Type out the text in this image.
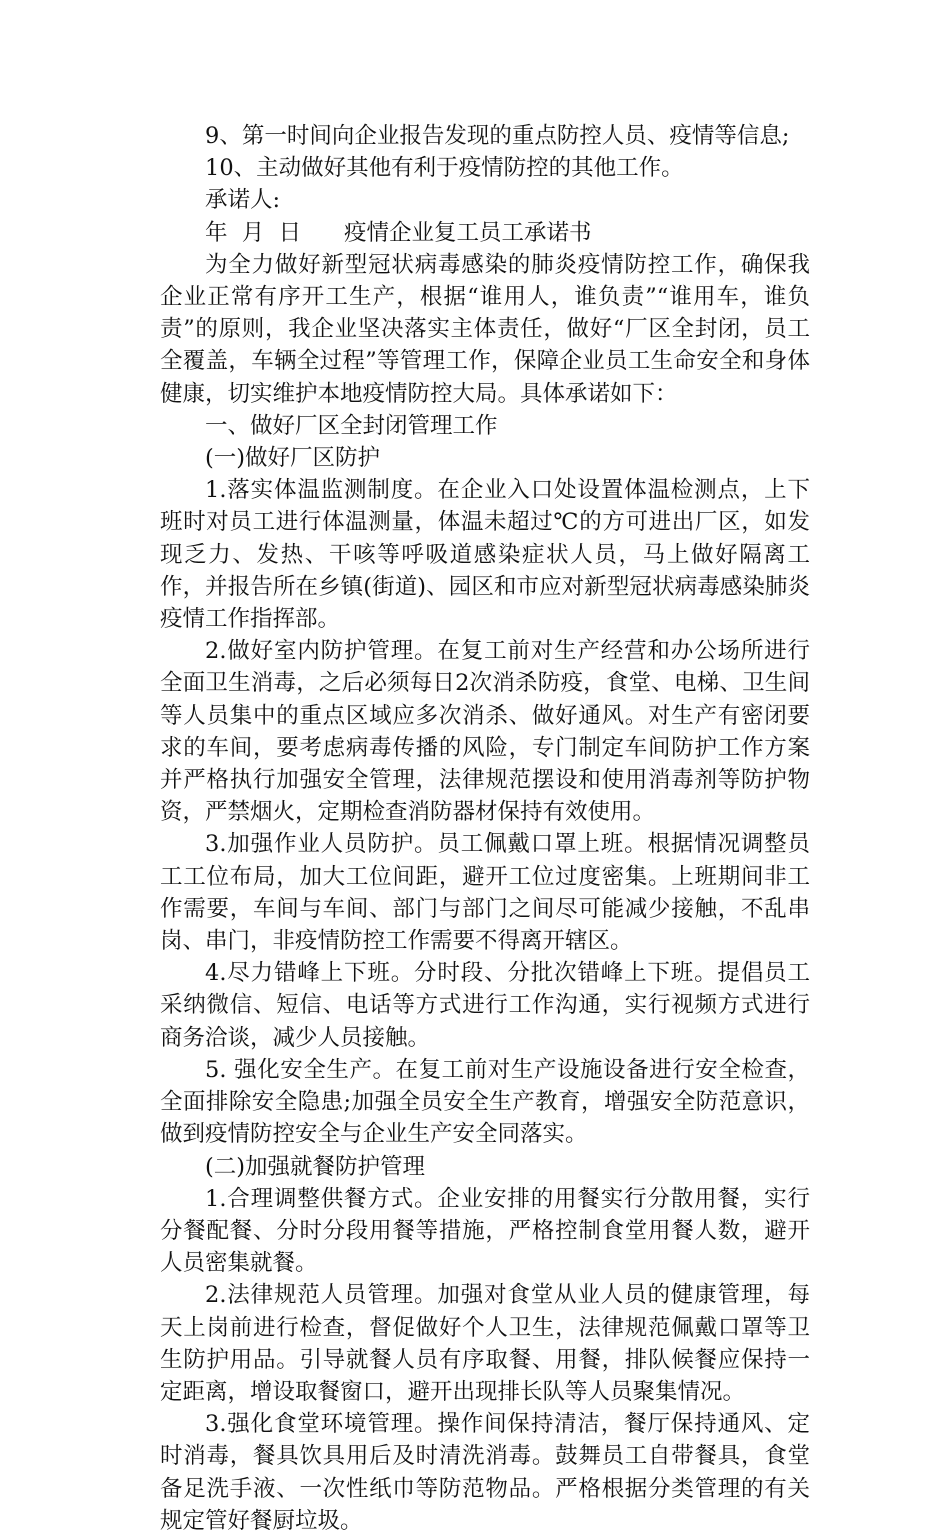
9、第一时间向企业报告发现的重点防控人员、疫情等信息;

10、主动做好其他有利于疫情防控的其他工作。

承诺人:

年  月  日      疫情企业复工员工承诺书

为全力做好新型冠状病毒感染的肺炎疫情防控工作，确保我企业正常有序开工生产，根据“谁用人，谁负责”“谁用车，谁负责”的原则，我企业坚决落实主体责任，做好“厂区全封闭，员工全覆盖，车辆全过程”等管理工作，保障企业员工生命安全和身体健康，切实维护本地疫情防控大局。具体承诺如下：

一、做好厂区全封闭管理工作

(一)做好厂区防护

1.落实体温监测制度。在企业入口处设置体温检测点，上下班时对员工进行体温测量，体温未超过℃的方可进出厂区，如发现乏力、发热、干咳等呼吸道感染症状人员，马上做好隔离工作，并报告所在乡镇(街道)、园区和市应对新型冠状病毒感染肺炎疫情工作指挥部。

2.做好室内防护管理。在复工前对生产经营和办公场所进行全面卫生消毒，之后必须每日2次消杀防疫，食堂、电梯、卫生间等人员集中的重点区域应多次消杀、做好通风。对生产有密闭要求的车间，要考虑病毒传播的风险，专门制定车间防护工作方案并严格执行加强安全管理，法律规范摆设和使用消毒剂等防护物资，严禁烟火，定期检查消防器材保持有效使用。

3.加强作业人员防护。员工佩戴口罩上班。根据情况调整员工工位布局，加大工位间距，避开工位过度密集。上班期间非工作需要，车间与车间、部门与部门之间尽可能减少接触，不乱串岗、串门，非疫情防控工作需要不得离开辖区。

4.尽力错峰上下班。分时段、分批次错峰上下班。提倡员工采纳微信、短信、电话等方式进行工作沟通，实行视频方式进行商务洽谈，减少人员接触。

5. 强化安全生产。在复工前对生产设施设备进行安全检查，全面排除安全隐患;加强全员安全生产教育，增强安全防范意识，做到疫情防控安全与企业生产安全同落实。

(二)加强就餐防护管理

1.合理调整供餐方式。企业安排的用餐实行分散用餐，实行分餐配餐、分时分段用餐等措施，严格控制食堂用餐人数，避开人员密集就餐。

2.法律规范人员管理。加强对食堂从业人员的健康管理，每天上岗前进行检查，督促做好个人卫生，法律规范佩戴口罩等卫生防护用品。引导就餐人员有序取餐、用餐，排队候餐应保持一定距离，增设取餐窗口，避开出现排长队等人员聚集情况。

3.强化食堂环境管理。操作间保持清洁，餐厅保持通风、定时消毒，餐具饮具用后及时清洗消毒。鼓舞员工自带餐具，食堂备足洗手液、一次性纸巾等防范物品。严格根据分类管理的有关规定管好餐厨垃圾。
